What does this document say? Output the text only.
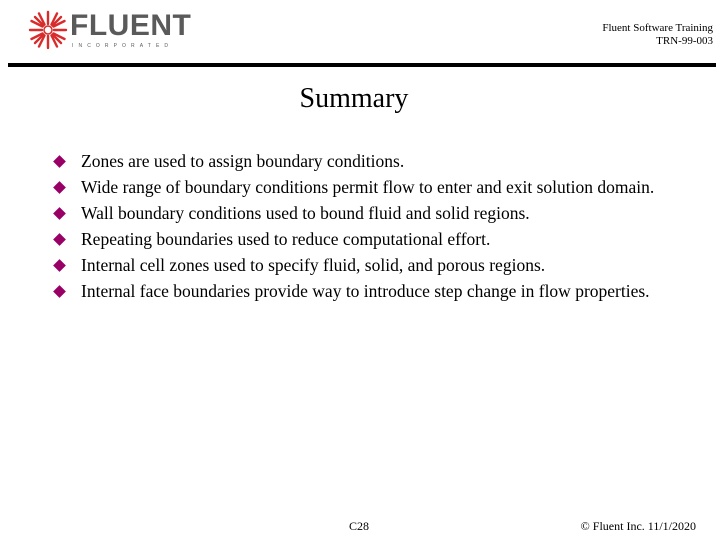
FLUENT
INCORPORATED
Fluent Software Training
TRN-99-003
Summary
Zones are used to assign boundary conditions.
Wide range of boundary conditions permit flow to enter and exit solution domain.
Wall boundary conditions used to bound fluid and solid regions.
Repeating boundaries used to reduce computational effort.
Internal cell zones used to specify fluid, solid, and porous regions.
Internal face boundaries provide way to introduce step change in flow properties.
C28	© Fluent Inc. 11/1/2020
